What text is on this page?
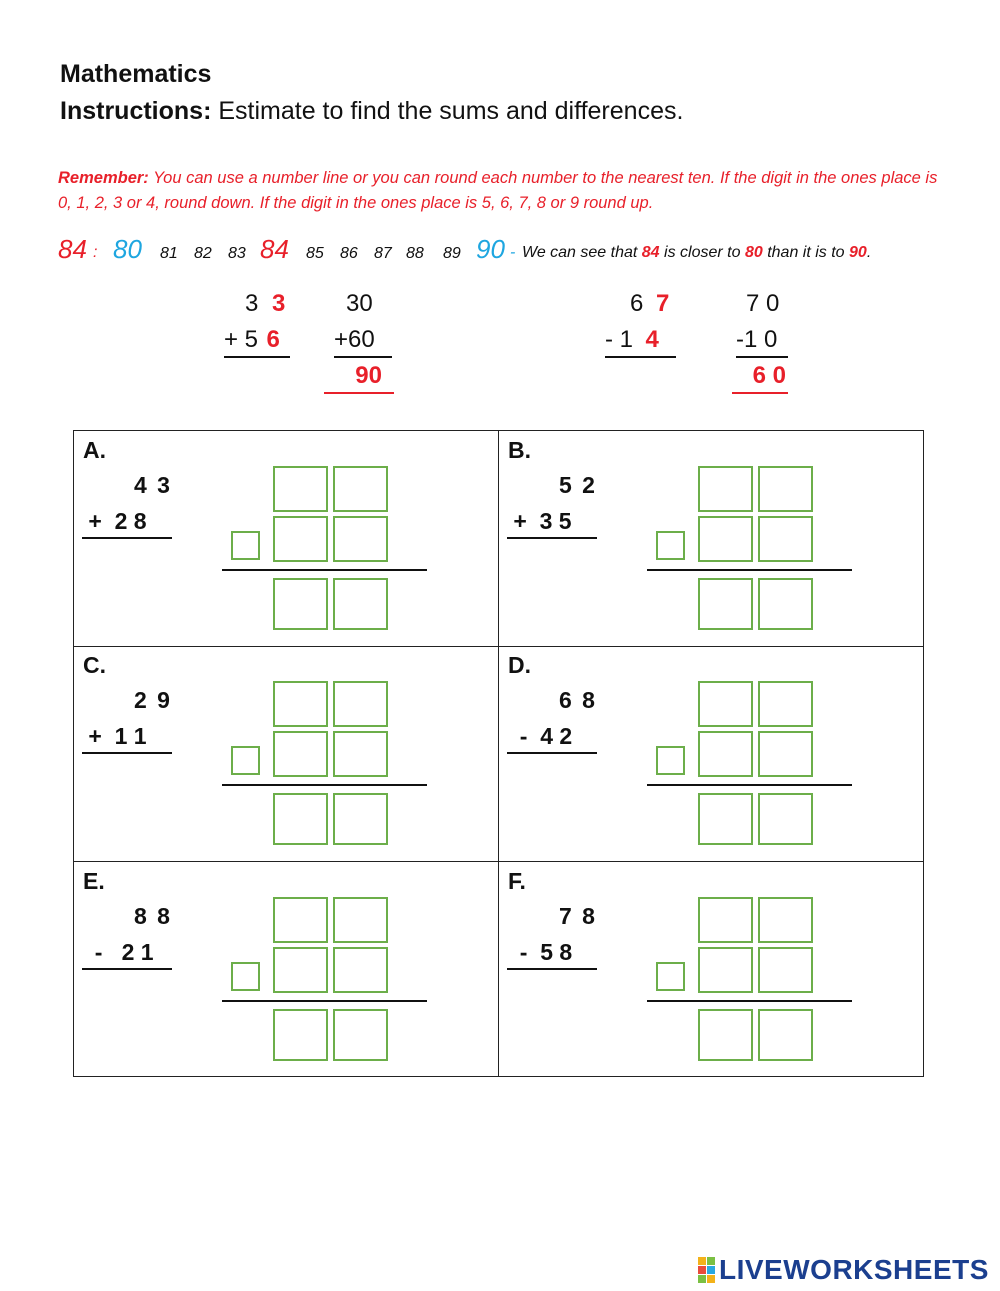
Mathematics
Instructions: Estimate to find the sums and differences.
Remember: You can use a number line or you can round each number to the nearest ten. If the digit in the ones place is 0, 1, 2, 3 or 4, round down. If the digit in the ones place is 5, 6, 7, 8 or 9 round up.
84 : 80 81 82 83 84 85 86 87 88 89 90 - We can see that 84 is closer to 80 than it is to 90.
3 3
+ 5 6
30
+60
90
6 7
- 1 4
7 0
-1 0
6 0
A.
4 3
+  2 8
B.
5 2
+  3 5
C.
2 9
+  1 1
D.
6 8
-  4 2
E.
8 8
-   2 1
F.
7 8
-  5 8
LIVEWORKSHEETS
